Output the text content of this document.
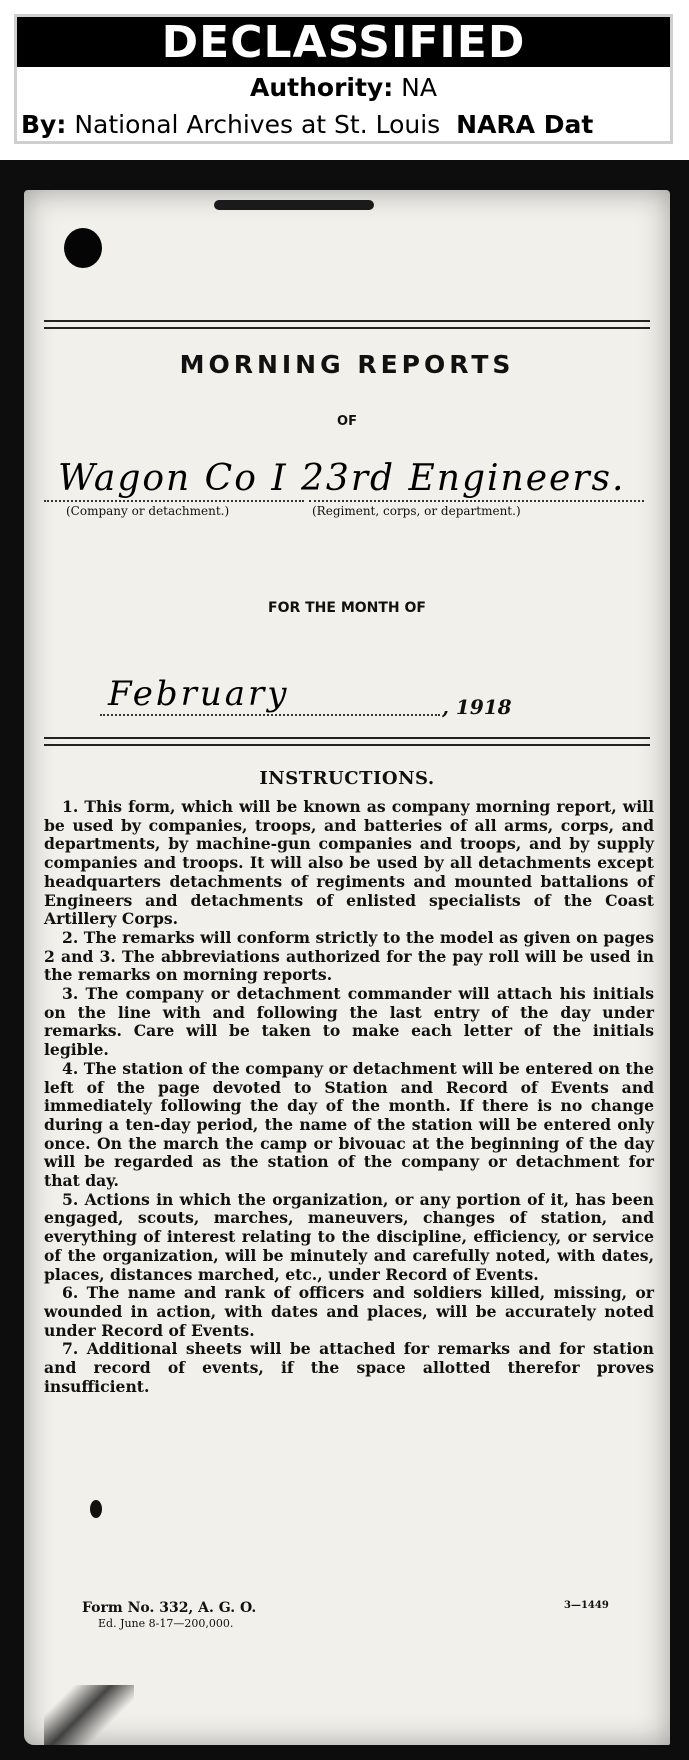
DECLASSIFIED
Authority: NA
By: National Archives at St. Louis NARA Dat
MORNING REPORTS
OF
Wagon Co I 23rd Engineers.
(Company or detachment.)	(Regiment, corps, or department.)
FOR THE MONTH OF
February	, 1918
INSTRUCTIONS.

1. This form, which will be known as company morning report, will be used by companies, troops, and batteries of all arms, corps, and departments, by machine-gun companies and troops, and by supply companies and troops. It will also be used by all detachments except headquarters detachments of regiments and mounted battalions of Engineers and detachments of enlisted specialists of the Coast Artillery Corps.

2. The remarks will conform strictly to the model as given on pages 2 and 3. The abbreviations authorized for the pay roll will be used in the remarks on morning reports.

3. The company or detachment commander will attach his initials on the line with and following the last entry of the day under remarks. Care will be taken to make each letter of the initials legible.

4. The station of the company or detachment will be entered on the left of the page devoted to Station and Record of Events and immediately following the day of the month. If there is no change during a ten-day period, the name of the station will be entered only once. On the march the camp or bivouac at the beginning of the day will be regarded as the station of the company or detachment for that day.

5. Actions in which the organization, or any portion of it, has been engaged, scouts, marches, maneuvers, changes of station, and everything of interest relating to the discipline, efficiency, or service of the organization, will be minutely and carefully noted, with dates, places, distances marched, etc., under Record of Events.

6. The name and rank of officers and soldiers killed, missing, or wounded in action, with dates and places, will be accurately noted under Record of Events.

7. Additional sheets will be attached for remarks and for station and record of events, if the space allotted therefor proves insufficient.

Form No. 332, A. G. O.
Ed. June 8-17—200,000.
3—1449
